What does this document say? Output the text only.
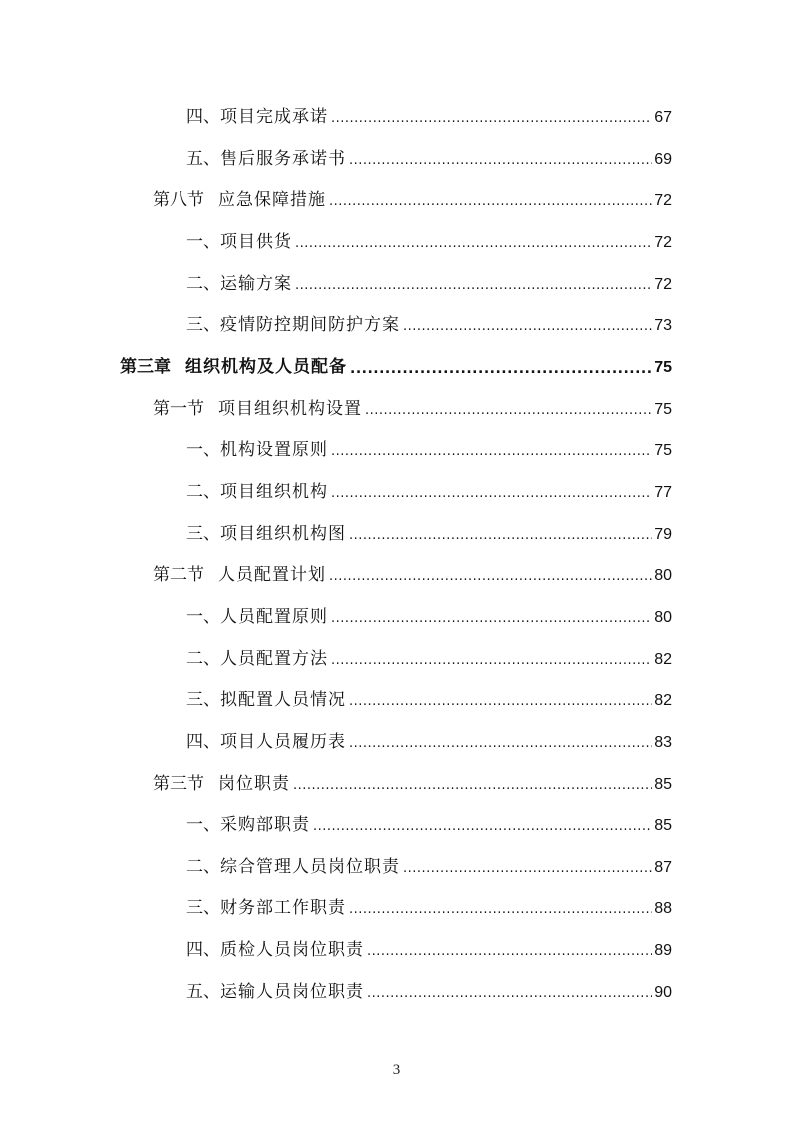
四、 项目完成承诺 .....	67
五、 售后服务承诺书 .....	69
第八节 应急保障措施 .....	72
一、 项目供货 .....	72
二、 运输方案 .....	72
三、 疫情防控期间防护方案 .....	73
第三章 组织机构及人员配备 .....	75
第一节 项目组织机构设置 .....	75
一、 机构设置原则 .....	75
二、 项目组织机构 .....	77
三、 项目组织机构图 .....	79
第二节 人员配置计划 .....	80
一、 人员配置原则 .....	80
二、 人员配置方法 .....	82
三、 拟配置人员情况 .....	82
四、 项目人员履历表 .....	83
第三节 岗位职责 .....	85
一、 采购部职责 .....	85
二、 综合管理人员岗位职责 .....	87
三、 财务部工作职责 .....	88
四、 质检人员岗位职责 .....	89
五、 运输人员岗位职责 .....	90
3
